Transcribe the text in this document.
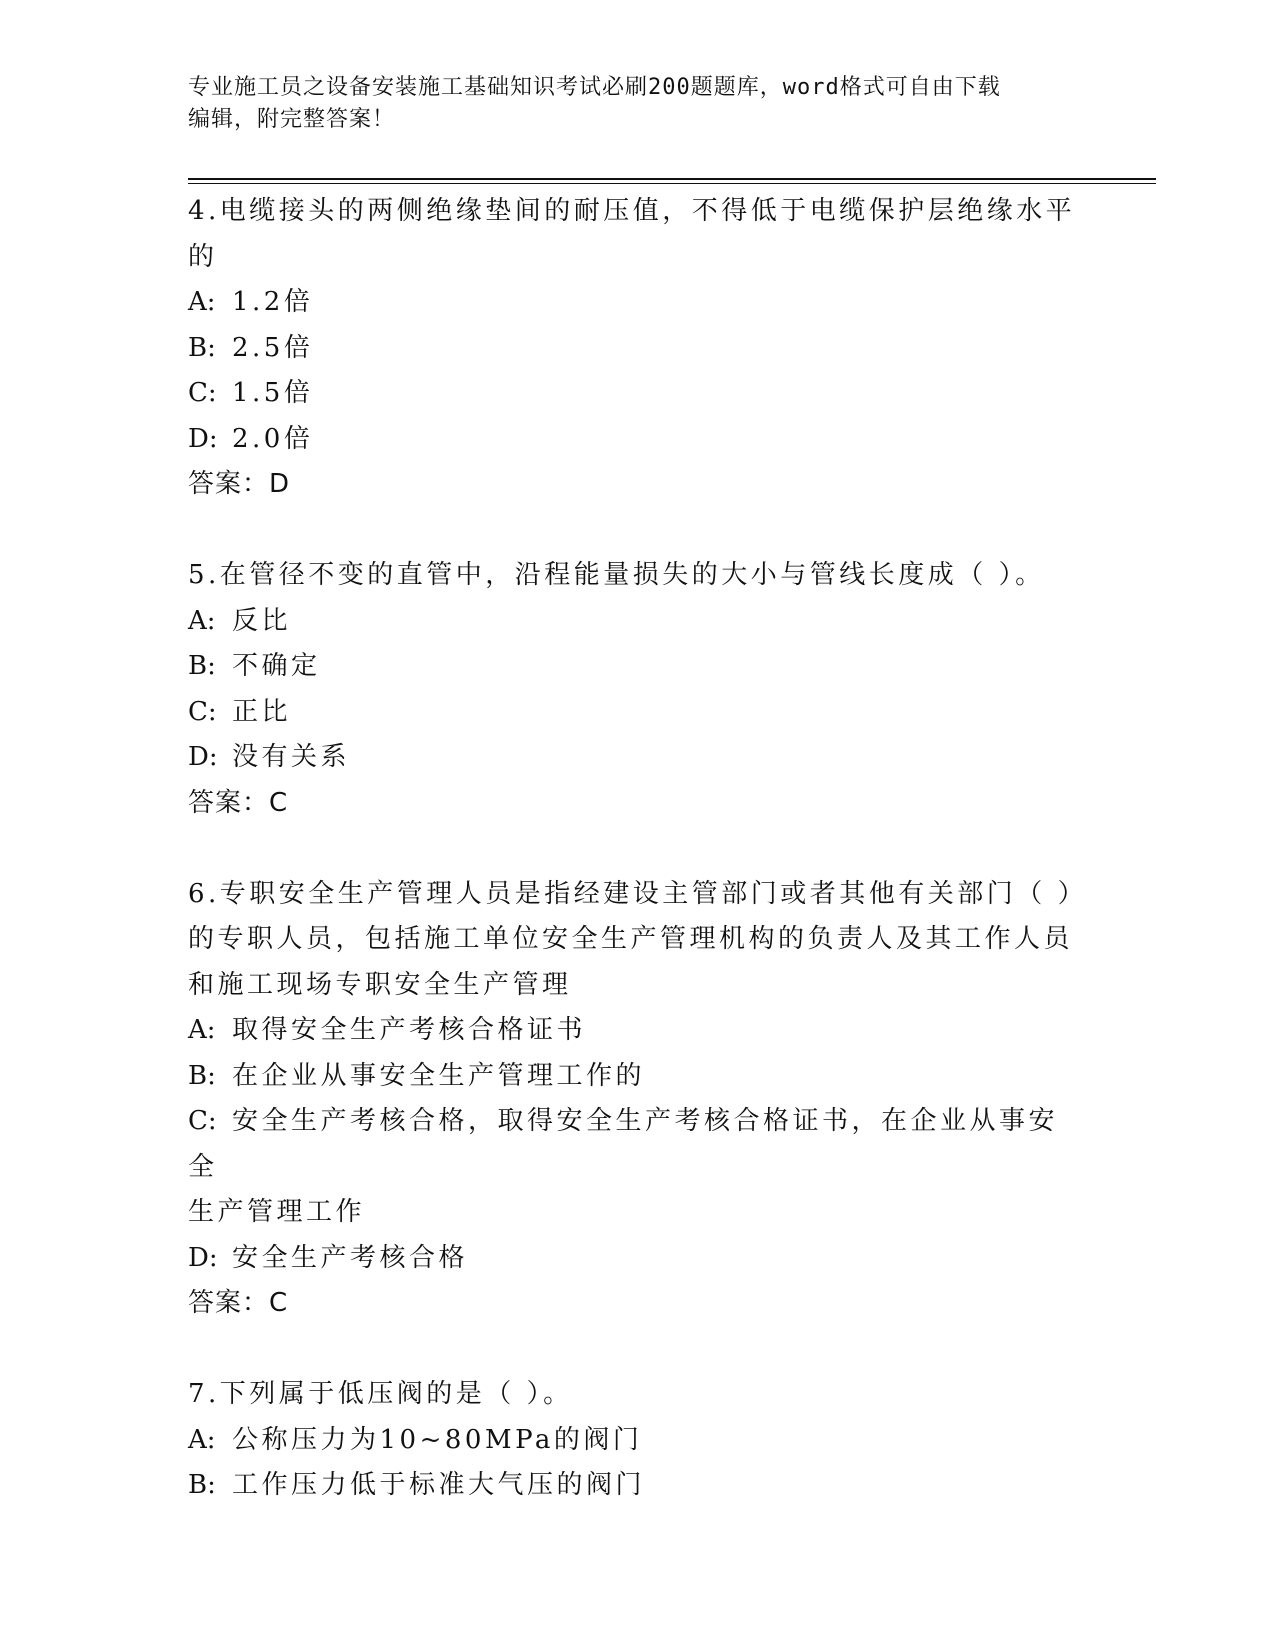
专业施工员之设备安装施工基础知识考试必刷200题题库，word格式可自由下载
编辑，附完整答案！
4.电缆接头的两侧绝缘垫间的耐压值，不得低于电缆保护层绝缘水平
的
A: 1.2倍
B: 2.5倍
C: 1.5倍
D: 2.0倍
答案：D
5.在管径不变的直管中，沿程能量损失的大小与管线长度成（ ）。
A: 反比
B: 不确定
C: 正比
D: 没有关系
答案：C
6.专职安全生产管理人员是指经建设主管部门或者其他有关部门（ ）
的专职人员，包括施工单位安全生产管理机构的负责人及其工作人员
和施工现场专职安全生产管理
A: 取得安全生产考核合格证书
B: 在企业从事安全生产管理工作的
C: 安全生产考核合格，取得安全生产考核合格证书，在企业从事安全
生产管理工作
D: 安全生产考核合格
答案：C
7.下列属于低压阀的是（ ）。
A: 公称压力为10~80MPa的阀门
B: 工作压力低于标准大气压的阀门
